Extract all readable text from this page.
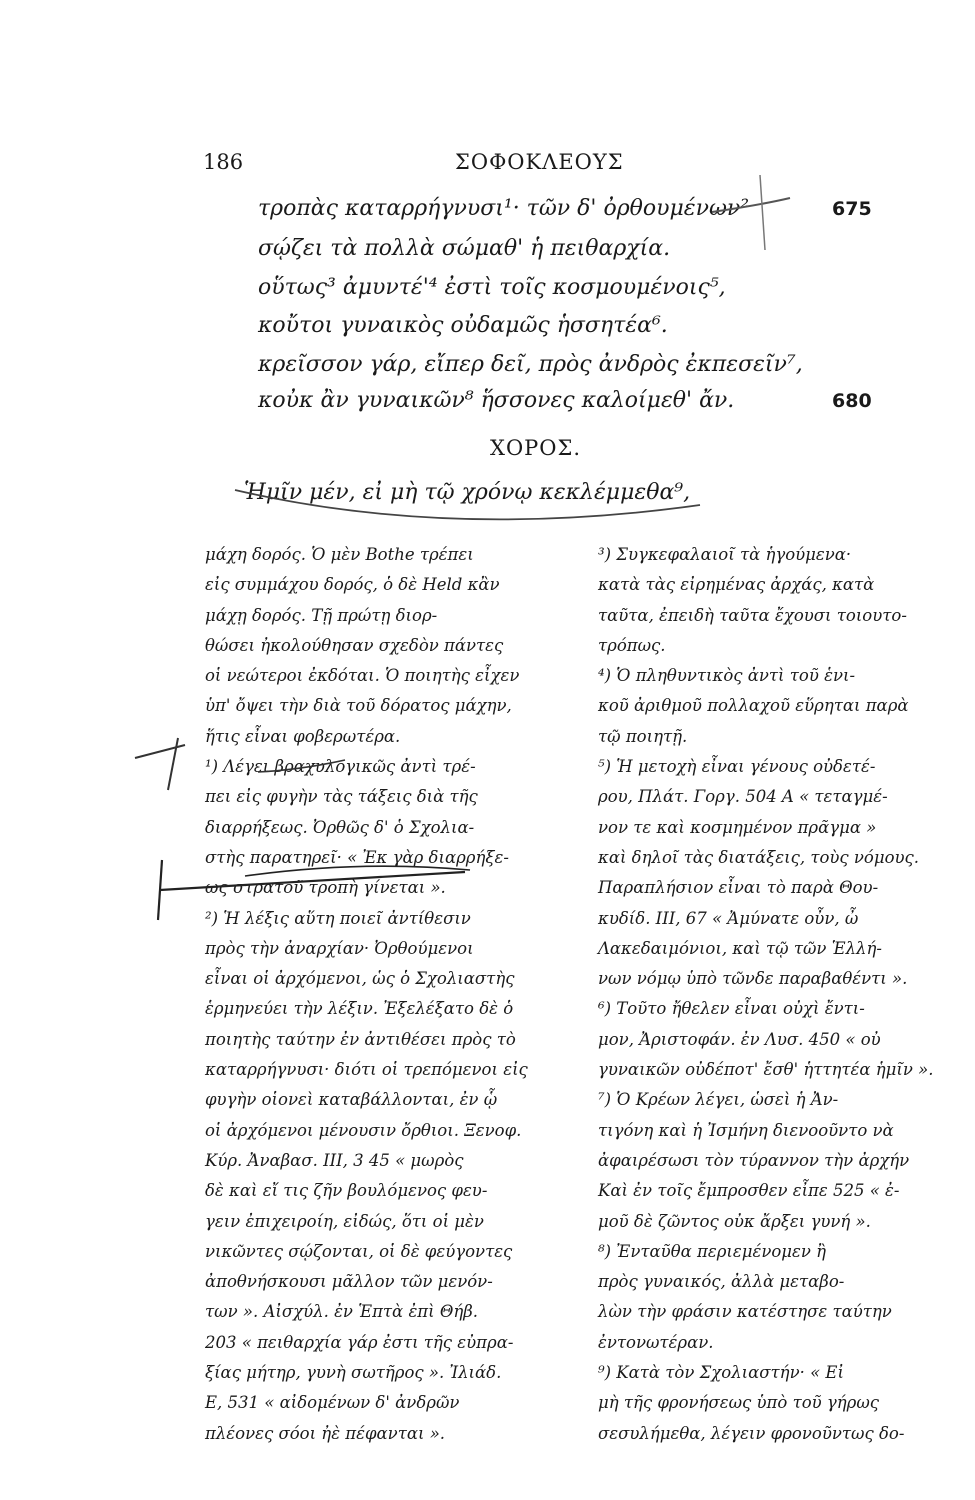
186	ΣΟΦΟΚΛΕΟΥΣ
τροπὰς καταρρήγνυσι¹· τῶν δ' ὀρθουμένων²	675
σῴζει τὰ πολλὰ σώμαθ' ἡ πειθαρχία.
οὕτως³ ἀμυντέ'⁴ ἐστὶ τοῖς κοσμουμένοις⁵,
κοὔτοι γυναικὸς οὐδαμῶς ἡσσητέα⁶.
κρεῖσσον γάρ, εἴπερ δεῖ, πρὸς ἀνδρὸς ἐκπεσεῖν⁷,
κοὐκ ἂν γυναικῶν⁸ ἥσσονες καλοίμεθ' ἄν.	680
ΧΟΡΟΣ.
Ἡμῖν μέν, εἰ μὴ τῷ χρόνῳ κεκλέμμεθα⁹,
μάχη δορός. Ὁ μὲν Bothe τρέπει
εἰς συμμάχου δορός, ὁ δὲ Held κἂν
μάχῃ δορός. Τῇ πρώτῃ διορ-
θώσει ἠκολούθησαν σχεδὸν πάντες
οἱ νεώτεροι ἐκδόται. Ὁ ποιητὴς εἶχεν
ὑπ' ὄψει τὴν διὰ τοῦ δόρατος μάχην,
ἥτις εἶναι φοβερωτέρα.
¹) Λέγει βραχυλογικῶς ἀντὶ τρέ-
πει εἰς φυγὴν τὰς τάξεις διὰ τῆς
διαρρήξεως. Ὀρθῶς δ' ὁ Σχολια-
στὴς παρατηρεῖ· « Ἐκ γὰρ διαρρήξε-
ως στρατοῦ τροπὴ γίνεται ».
²) Ἡ λέξις αὕτη ποιεῖ ἀντίθεσιν
πρὸς τὴν ἀναρχίαν· Ὀρθούμενοι
εἶναι οἱ ἀρχόμενοι, ὡς ὁ Σχολιαστὴς
ἑρμηνεύει τὴν λέξιν. Ἐξελέξατο δὲ ὁ
ποιητὴς ταύτην ἐν ἀντιθέσει πρὸς τὸ
καταρρήγνυσι· διότι οἱ τρεπόμενοι εἰς
φυγὴν οἱονεὶ καταβάλλονται, ἐν ᾧ
οἱ ἀρχόμενοι μένουσιν ὄρθιοι. Ξενοφ.
Κύρ. Ἀναβασ. III, 3 45 « μωρὸς
δὲ καὶ εἴ τις ζῆν βουλόμενος φευ-
γειν ἐπιχειροίη, εἰδώς, ὅτι οἱ μὲν
νικῶντες σῴζονται, οἱ δὲ φεύγοντες
ἀποθνήσκουσι μᾶλλον τῶν μενόν-
των ». Αἰσχύλ. ἐν Ἑπτὰ ἐπὶ Θήβ.
203 « πειθαρχία γάρ ἐστι τῆς εὐπρα-
ξίας μήτηρ, γυνὴ σωτῆρος ». Ἰλιάδ.
Ε, 531 « αἰδομένων δ' ἀνδρῶν
πλέονες σόοι ἠὲ πέφανται ».
³) Συγκεφαλαιοῖ τὰ ἡγούμενα·
κατὰ τὰς εἰρημένας ἀρχάς, κατὰ
ταῦτα, ἐπειδὴ ταῦτα ἔχουσι τοιουτο-
τρόπως.
⁴) Ὁ πληθυντικὸς ἀντὶ τοῦ ἑνι-
κοῦ ἀριθμοῦ πολλαχοῦ εὕρηται παρὰ
τῷ ποιητῇ.
⁵) Ἡ μετοχὴ εἶναι γένους οὐδετέ-
ρου, Πλάτ. Γοργ. 504 Α « τεταγμέ-
νον τε καὶ κοσμημένον πρᾶγμα »
καὶ δηλοῖ τὰς διατάξεις, τοὺς νόμους.
Παραπλήσιον εἶναι τὸ παρὰ Θου-
κυδίδ. III, 67 « Ἀμύνατε οὖν, ὦ
Λακεδαιμόνιοι, καὶ τῷ τῶν Ἑλλή-
νων νόμῳ ὑπὸ τῶνδε παραβαθέντι ».
⁶) Τοῦτο ἤθελεν εἶναι οὐχὶ ἔντι-
μον, Ἀριστοφάν. ἐν Λυσ. 450 « οὐ
γυναικῶν οὐδέποτ' ἔσθ' ἡττητέα ἡμῖν ».
⁷) Ὁ Κρέων λέγει, ὡσεὶ ἡ Ἀν-
τιγόνη καὶ ἡ Ἰσμήνη διενοοῦντο νὰ
ἀφαιρέσωσι τὸν τύραννον τὴν ἀρχήν
Καὶ ἐν τοῖς ἔμπροσθεν εἶπε 525 « ἐ-
μοῦ δὲ ζῶντος οὐκ ἄρξει γυνή ».
⁸) Ἐνταῦθα περιεμένομεν ἢ
πρὸς γυναικός, ἀλλὰ μεταβο-
λὼν τὴν φράσιν κατέστησε ταύτην
ἐντονωτέραν.
⁹) Κατὰ τὸν Σχολιαστήν· « Εἰ
μὴ τῆς φρονήσεως ὑπὸ τοῦ γήρως
σεσυλήμεθα, λέγειν φρονοῦντως δο-
